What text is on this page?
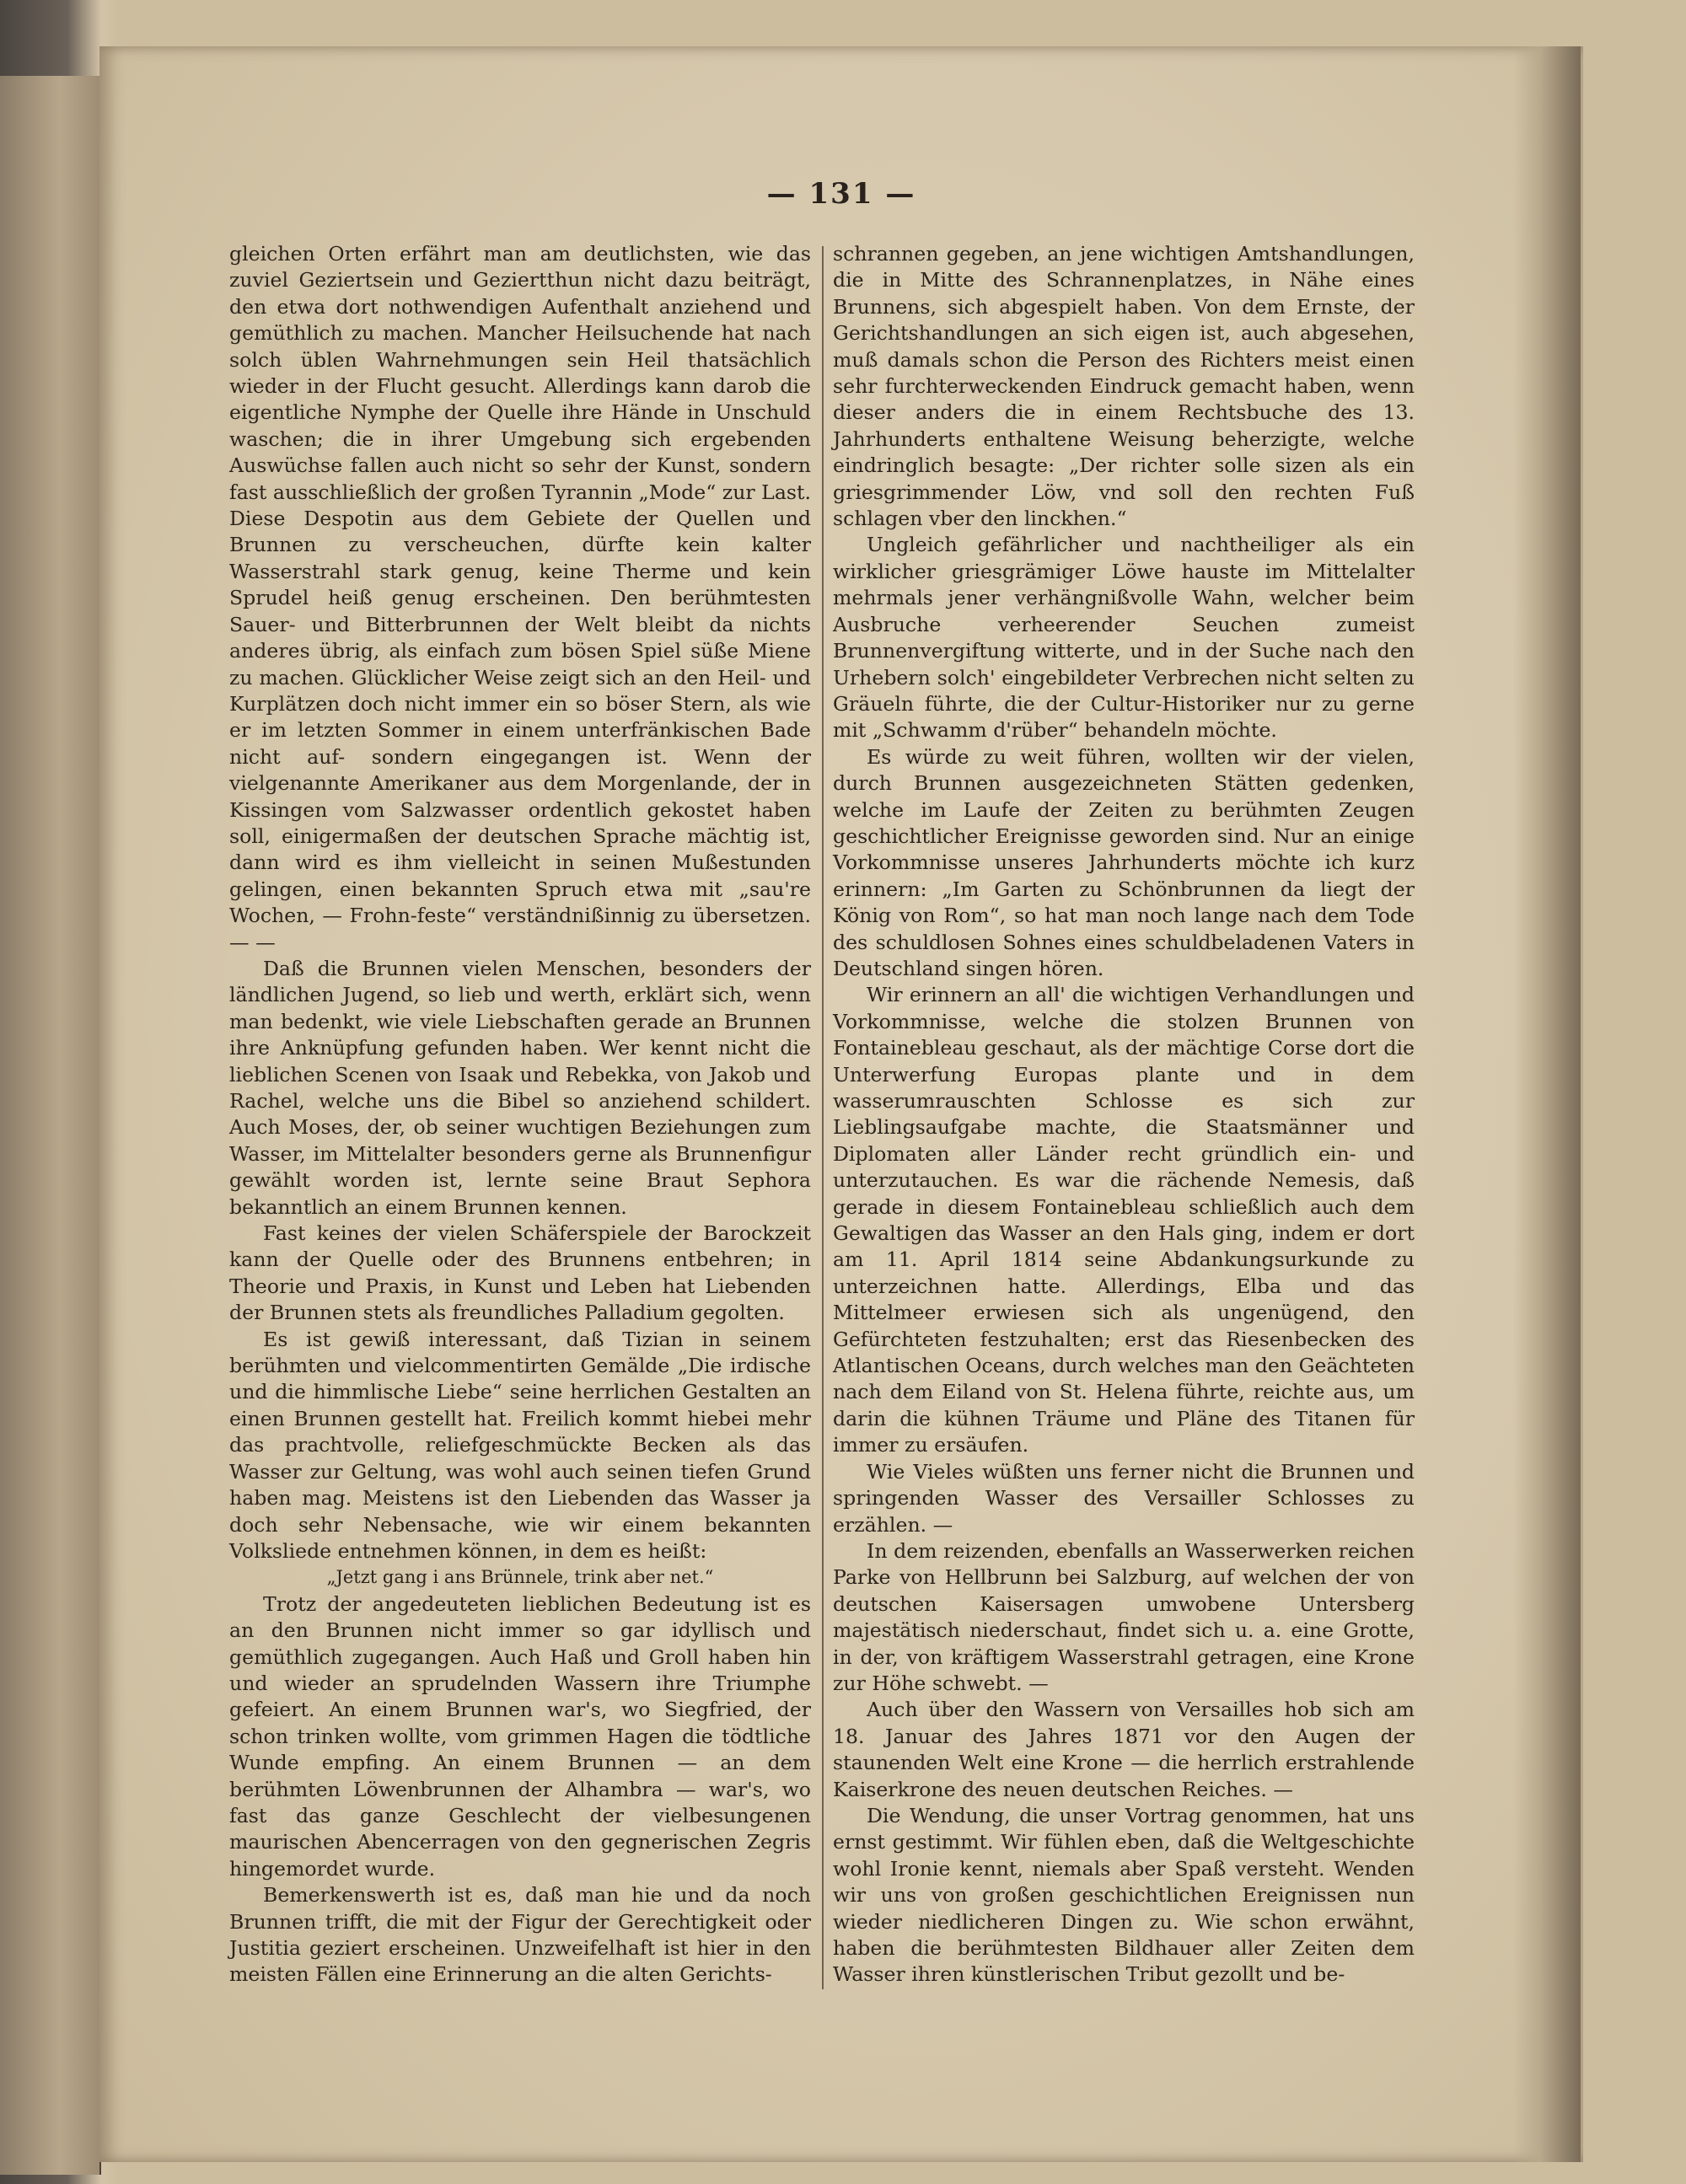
— 131 —

gleichen Orten erfährt man am deutlichsten, wie das zuviel Geziertsein und Geziertthun nicht dazu beiträgt, den etwa dort nothwendigen Aufenthalt anziehend und gemüthlich zu machen. Mancher Heilsuchende hat nach solch üblen Wahrnehmungen sein Heil thatsächlich wieder in der Flucht gesucht. Allerdings kann darob die eigentliche Nymphe der Quelle ihre Hände in Unschuld waschen; die in ihrer Umgebung sich ergebenden Auswüchse fallen auch nicht so sehr der Kunst, sondern fast ausschließlich der großen Tyrannin „Mode“ zur Last. Diese Despotin aus dem Gebiete der Quellen und Brunnen zu verscheuchen, dürfte kein kalter Wasserstrahl stark genug, keine Therme und kein Sprudel heiß genug erscheinen. Den berühmtesten Sauer- und Bitterbrunnen der Welt bleibt da nichts anderes übrig, als einfach zum bösen Spiel süße Miene zu machen. Glücklicher Weise zeigt sich an den Heil- und Kurplätzen doch nicht immer ein so böser Stern, als wie er im letzten Sommer in einem unterfränkischen Bade nicht auf- sondern eingegangen ist. Wenn der vielgenannte Amerikaner aus dem Morgenlande, der in Kissingen vom Salzwasser ordentlich gekostet haben soll, einigermaßen der deutschen Sprache mächtig ist, dann wird es ihm vielleicht in seinen Mußestunden gelingen, einen bekannten Spruch etwa mit „sau're Wochen, — Frohn-feste“ verständnißinnig zu übersetzen. — —

Daß die Brunnen vielen Menschen, besonders der ländlichen Jugend, so lieb und werth, erklärt sich, wenn man bedenkt, wie viele Liebschaften gerade an Brunnen ihre Anknüpfung gefunden haben. Wer kennt nicht die lieblichen Scenen von Isaak und Rebekka, von Jakob und Rachel, welche uns die Bibel so anziehend schildert. Auch Moses, der, ob seiner wuchtigen Beziehungen zum Wasser, im Mittelalter besonders gerne als Brunnenfigur gewählt worden ist, lernte seine Braut Sephora bekanntlich an einem Brunnen kennen.

Fast keines der vielen Schäferspiele der Barockzeit kann der Quelle oder des Brunnens entbehren; in Theorie und Praxis, in Kunst und Leben hat Liebenden der Brunnen stets als freundliches Palladium gegolten.

Es ist gewiß interessant, daß Tizian in seinem berühmten und vielcommentirten Gemälde „Die irdische und die himmlische Liebe“ seine herrlichen Gestalten an einen Brunnen gestellt hat. Freilich kommt hiebei mehr das prachtvolle, reliefgeschmückte Becken als das Wasser zur Geltung, was wohl auch seinen tiefen Grund haben mag. Meistens ist den Liebenden das Wasser ja doch sehr Nebensache, wie wir einem bekannten Volksliede entnehmen können, in dem es heißt:

„Jetzt gang i ans Brünnele, trink aber net.“

Trotz der angedeuteten lieblichen Bedeutung ist es an den Brunnen nicht immer so gar idyllisch und gemüthlich zugegangen. Auch Haß und Groll haben hin und wieder an sprudelnden Wassern ihre Triumphe gefeiert. An einem Brunnen war's, wo Siegfried, der schon trinken wollte, vom grimmen Hagen die tödtliche Wunde empfing. An einem Brunnen — an dem berühmten Löwenbrunnen der Alhambra — war's, wo fast das ganze Geschlecht der vielbesungenen maurischen Abencerragen von den gegnerischen Zegris hingemordet wurde.

Bemerkenswerth ist es, daß man hie und da noch Brunnen trifft, die mit der Figur der Gerechtigkeit oder Justitia geziert erscheinen. Unzweifelhaft ist hier in den meisten Fällen eine Erinnerung an die alten Gerichts-

schrannen gegeben, an jene wichtigen Amtshandlungen, die in Mitte des Schrannenplatzes, in Nähe eines Brunnens, sich abgespielt haben. Von dem Ernste, der Gerichtshandlungen an sich eigen ist, auch abgesehen, muß damals schon die Person des Richters meist einen sehr furchterweckenden Eindruck gemacht haben, wenn dieser anders die in einem Rechtsbuche des 13. Jahrhunderts enthaltene Weisung beherzigte, welche eindringlich besagte: „Der richter solle sizen als ein griesgrimmender Löw, vnd soll den rechten Fuß schlagen vber den linckhen.“

Ungleich gefährlicher und nachtheiliger als ein wirklicher griesgrämiger Löwe hauste im Mittelalter mehrmals jener verhängnißvolle Wahn, welcher beim Ausbruche verheerender Seuchen zumeist Brunnenvergiftung witterte, und in der Suche nach den Urhebern solch' eingebildeter Verbrechen nicht selten zu Gräueln führte, die der Cultur-Historiker nur zu gerne mit „Schwamm d'rüber“ behandeln möchte.

Es würde zu weit führen, wollten wir der vielen, durch Brunnen ausgezeichneten Stätten gedenken, welche im Laufe der Zeiten zu berühmten Zeugen geschichtlicher Ereignisse geworden sind. Nur an einige Vorkommnisse unseres Jahrhunderts möchte ich kurz erinnern: „Im Garten zu Schönbrunnen da liegt der König von Rom“, so hat man noch lange nach dem Tode des schuldlosen Sohnes eines schuldbeladenen Vaters in Deutschland singen hören.

Wir erinnern an all' die wichtigen Verhandlungen und Vorkommnisse, welche die stolzen Brunnen von Fontainebleau geschaut, als der mächtige Corse dort die Unterwerfung Europas plante und in dem wasserumrauschten Schlosse es sich zur Lieblingsaufgabe machte, die Staatsmänner und Diplomaten aller Länder recht gründlich ein- und unterzutauchen. Es war die rächende Nemesis, daß gerade in diesem Fontainebleau schließlich auch dem Gewaltigen das Wasser an den Hals ging, indem er dort am 11. April 1814 seine Abdankungsurkunde zu unterzeichnen hatte. Allerdings, Elba und das Mittelmeer erwiesen sich als ungenügend, den Gefürchteten festzuhalten; erst das Riesenbecken des Atlantischen Oceans, durch welches man den Geächteten nach dem Eiland von St. Helena führte, reichte aus, um darin die kühnen Träume und Pläne des Titanen für immer zu ersäufen.

Wie Vieles wüßten uns ferner nicht die Brunnen und springenden Wasser des Versailler Schlosses zu erzählen. —

In dem reizenden, ebenfalls an Wasserwerken reichen Parke von Hellbrunn bei Salzburg, auf welchen der von deutschen Kaisersagen umwobene Untersberg majestätisch niederschaut, findet sich u. a. eine Grotte, in der, von kräftigem Wasserstrahl getragen, eine Krone zur Höhe schwebt. —

Auch über den Wassern von Versailles hob sich am 18. Januar des Jahres 1871 vor den Augen der staunenden Welt eine Krone — die herrlich erstrahlende Kaiserkrone des neuen deutschen Reiches. —

Die Wendung, die unser Vortrag genommen, hat uns ernst gestimmt. Wir fühlen eben, daß die Weltgeschichte wohl Ironie kennt, niemals aber Spaß versteht. Wenden wir uns von großen geschichtlichen Ereignissen nun wieder niedlicheren Dingen zu. Wie schon erwähnt, haben die berühmtesten Bildhauer aller Zeiten dem Wasser ihren künstlerischen Tribut gezollt und be-
